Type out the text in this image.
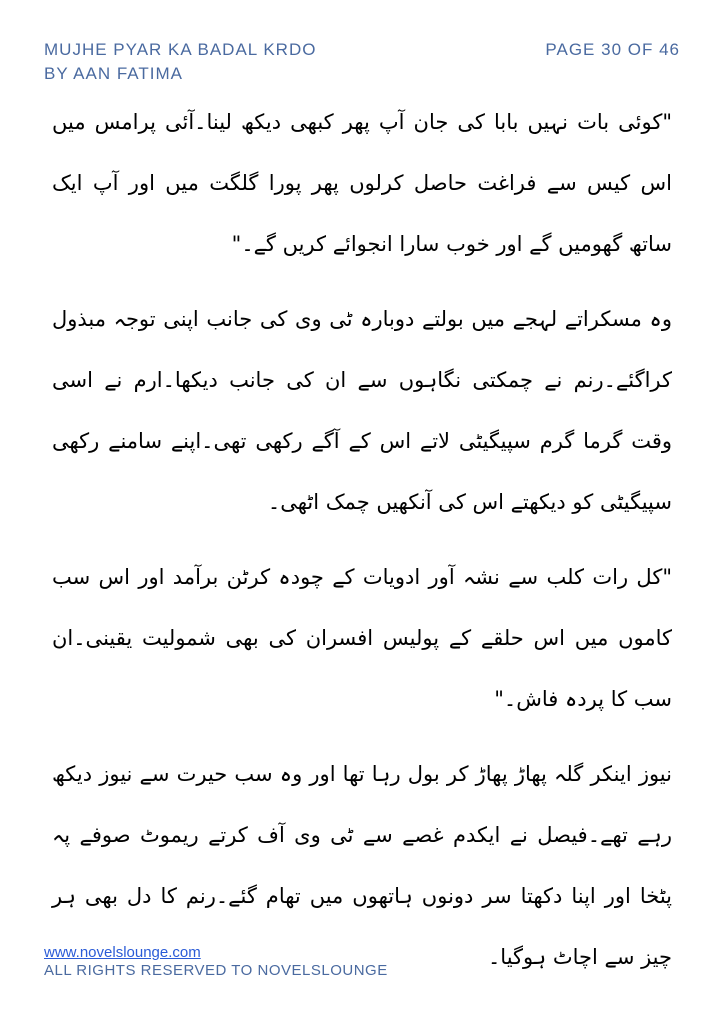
MUJHE PYAR KA BADAL KRDO
BY AAN FATIMA
PAGE 30 OF 46

"کوئی بات نہیں بابا کی جان آپ پھر کبھی دیکھ لینا۔آئی پرامس میں اس کیس سے فراغت حاصل کرلوں پھر پورا گلگت میں اور آپ ایک ساتھ گھومیں گے اور خوب سارا انجوائے کریں گے۔"

وہ مسکراتے لہجے میں بولتے دوبارہ ٹی وی کی جانب اپنی توجہ مبذول کراگئے۔رنم نے چمکتی نگاہوں سے ان کی جانب دیکھا۔ارم نے اسی وقت گرما گرم سپیگیٹی لاتے اس کے آگے رکھی تھی۔اپنے سامنے رکھی سپیگیٹی کو دیکھتے اس کی آنکھیں چمک اٹھی۔

"کل رات کلب سے نشہ آور ادویات کے چودہ کرٹن برآمد اور اس سب کاموں میں اس حلقے کے پولیس افسران کی بھی شمولیت یقینی۔ان سب کا پردہ فاش۔"

نیوز اینکر گلہ پھاڑ پھاڑ کر بول رہا تھا اور وہ سب حیرت سے نیوز دیکھ رہے تھے۔فیصل نے ایکدم غصے سے ٹی وی آف کرتے ریموٹ صوفے پہ پٹخا اور اپنا دکھتا سر دونوں ہاتھوں میں تھام گئے۔رنم کا دل بھی ہر چیز سے اچاٹ ہوگیا۔

www.novelslounge.com
ALL RIGHTS RESERVED TO NOVELSLOUNGE
